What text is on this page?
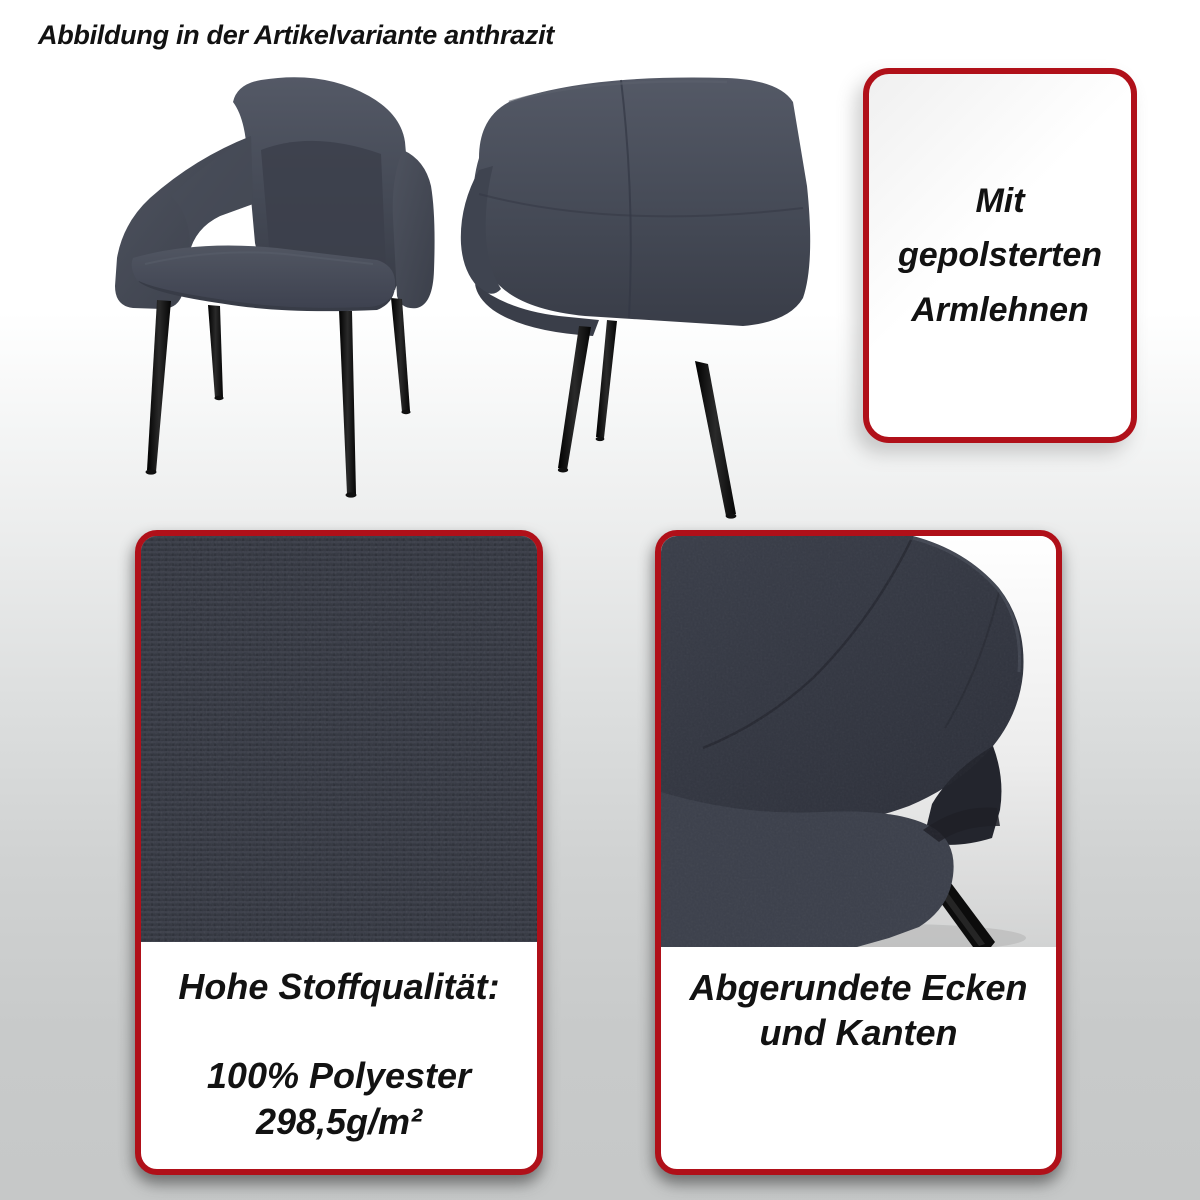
Abbildung in der Artikelvariante anthrazit
Mit
gepolsterten
Armlehnen
Hohe Stoffqualität:
100% Polyester
298,5g/m²
Abgerundete Ecken
und Kanten
